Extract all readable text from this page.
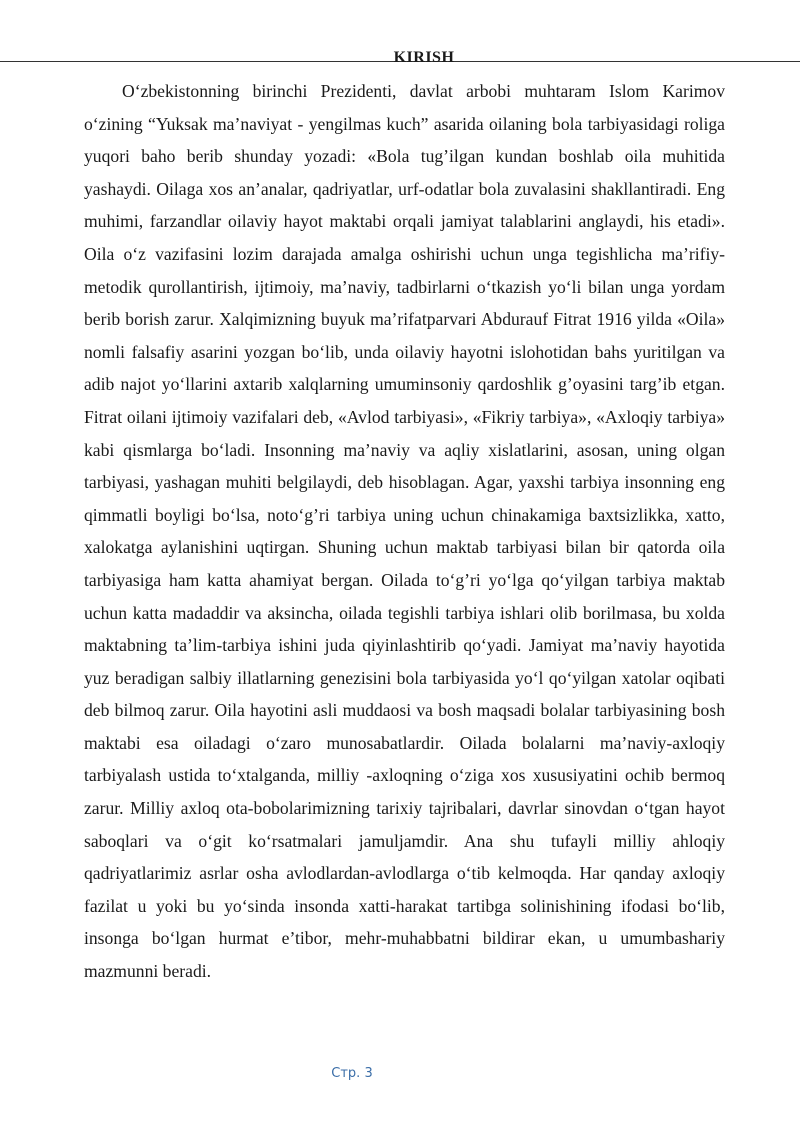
KIRISH

O‘zbekistonning birinchi Prezidenti, davlat arbobi muhtaram Islom Karimov o‘zining “Yuksak ma’naviyat - yengilmas kuch” asarida oilaning bola tarbiyasidagi roliga yuqori baho berib shunday yozadi: «Bola tug’ilgan kundan boshlab oila muhitida yashaydi. Oilaga xos an’analar, qadriyatlar, urf-odatlar bola zuvalasini shakllantiradi. Eng muhimi, farzandlar oilaviy hayot maktabi orqali jamiyat talablarini anglaydi, his etadi». Oila o‘z vazifasini lozim darajada amalga oshirishi uchun unga tegishlicha ma’rifiy-metodik qurollantirish, ijtimoiy, ma’naviy, tadbirlarni o‘tkazish yo‘li bilan unga yordam berib borish zarur. Xalqimizning buyuk ma’rifatparvari Abdurauf Fitrat 1916 yilda «Oila» nomli falsafiy asarini yozgan bo‘lib, unda oilaviy hayotni islohotidan bahs yuritilgan va adib najot yo‘llarini axtarib xalqlarning umuminsoniy qardoshlik g’oyasini targ’ib etgan. Fitrat oilani ijtimoiy vazifalari deb, «Avlod tarbiyasi», «Fikriy tarbiya», «Axloqiy tarbiya» kabi qismlarga bo‘ladi. Insonning ma’naviy va aqliy xislatlarini, asosan, uning olgan tarbiyasi, yashagan muhiti belgilaydi, deb hisoblagan. Agar, yaxshi tarbiya insonning eng qimmatli boyligi bo‘lsa, noto‘g’ri tarbiya uning uchun chinakamiga baxtsizlikka, xatto, xalokatga aylanishini uqtirgan. Shuning uchun maktab tarbiyasi bilan bir qatorda oila tarbiyasiga ham katta ahamiyat bergan. Oilada to‘g’ri yo‘lga qo‘yilgan tarbiya maktab uchun katta madaddir va aksincha, oilada tegishli tarbiya ishlari olib borilmasa, bu xolda maktabning ta’lim-tarbiya ishini juda qiyinlashtirib qo‘yadi. Jamiyat ma’naviy hayotida yuz beradigan salbiy illatlarning genezisini bola tarbiyasida yo‘l qo‘yilgan xatolar oqibati deb bilmoq zarur. Oila hayotini asli muddaosi va bosh maqsadi bolalar tarbiyasining bosh maktabi esa oiladagi o‘zaro munosabatlardir. Oilada bolalarni ma’naviy-axloqiy tarbiyalash ustida to‘xtalganda, milliy -axloqning o‘ziga xos xususiyatini ochib bermoq zarur. Milliy axloq ota-bobolarimizning tarixiy tajribalari, davrlar sinovdan o‘tgan hayot saboqlari va o‘git ko‘rsatmalari jamuljamdir. Ana shu tufayli milliy ahloqiy qadriyatlarimiz asrlar osha avlodlardan-avlodlarga o‘tib kelmoqda. Har qanday axloqiy fazilat u yoki bu yo‘sinda insonda xatti-harakat tartibga solinishining ifodasi bo‘lib, insonga bo‘lgan hurmat e’tibor, mehr-muhabbatni bildirar ekan, u umumbashariy mazmunni beradi.

Стр. 3
